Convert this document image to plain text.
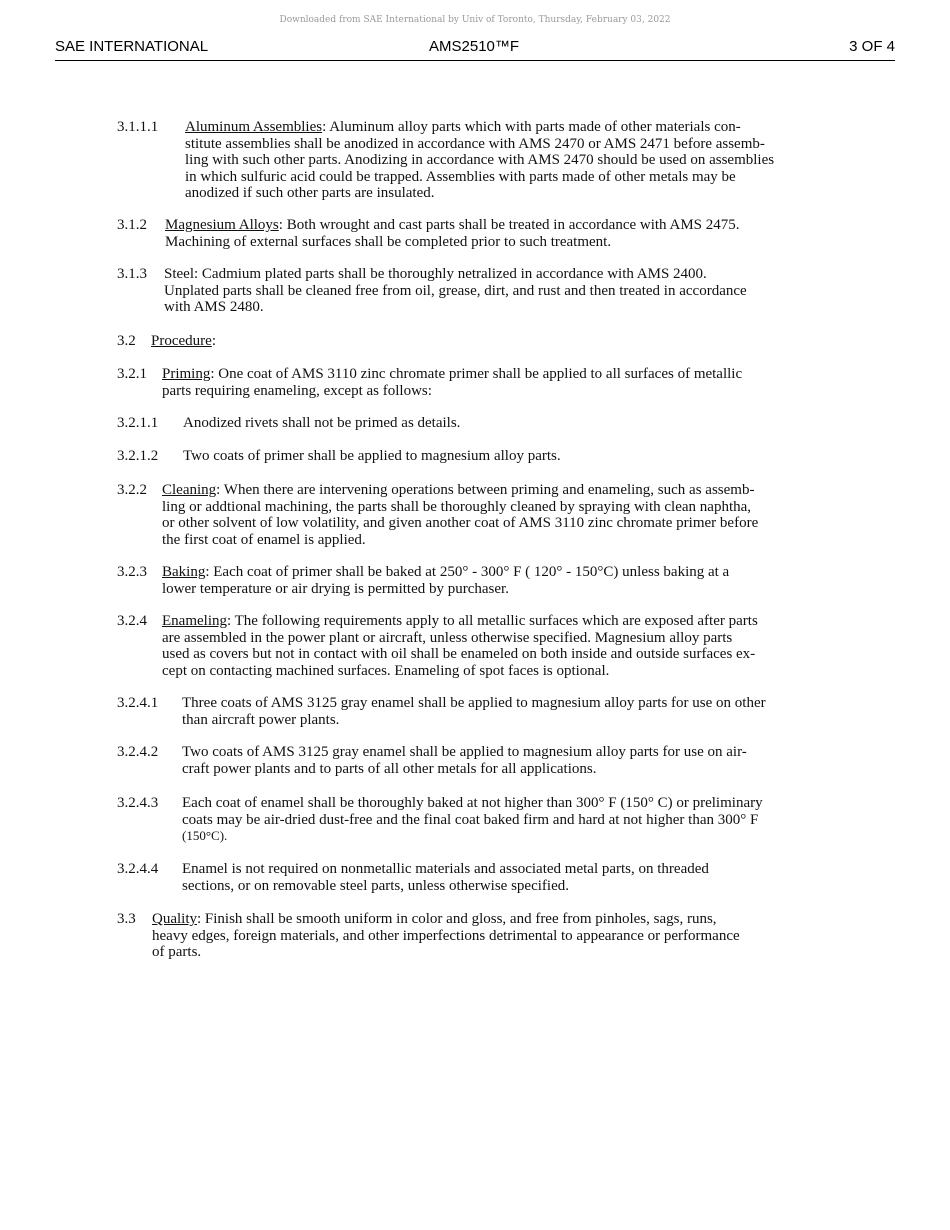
Downloaded from SAE International by Univ of Toronto, Thursday, February 03, 2022
SAE INTERNATIONAL	AMS2510™F	3 OF 4
3.1.1.1 Aluminum Assemblies: Aluminum alloy parts which with parts made of other materials con-
stitute assemblies shall be anodized in accordance with AMS 2470 or AMS 2471 before assemb-
ling with such other parts. Anodizing in accordance with AMS 2470 should be used on assemblies
in which sulfuric acid could be trapped. Assemblies with parts made of other metals may be
anodized if such other parts are insulated.
3.1.2 Magnesium Alloys: Both wrought and cast parts shall be treated in accordance with AMS 2475.
Machining of external surfaces shall be completed prior to such treatment.
3.1.3 Steel: Cadmium plated parts shall be thoroughly netralized in accordance with AMS 2400.
Unplated parts shall be cleaned free from oil, grease, dirt, and rust and then treated in accordance
with AMS 2480.
3.2 Procedure:
3.2.1 Priming: One coat of AMS 3110 zinc chromate primer shall be applied to all surfaces of metallic
parts requiring enameling, except as follows:
3.2.1.1 Anodized rivets shall not be primed as details.
3.2.1.2 Two coats of primer shall be applied to magnesium alloy parts.
3.2.2 Cleaning: When there are intervening operations between priming and enameling, such as assemb-
ling or addtional machining, the parts shall be thoroughly cleaned by spraying with clean naphtha,
or other solvent of low volatility, and given another coat of AMS 3110 zinc chromate primer before
the first coat of enamel is applied.
3.2.3 Baking: Each coat of primer shall be baked at 250° - 300° F ( 120° - 150°C) unless baking at a
lower temperature or air drying is permitted by purchaser.
3.2.4 Enameling: The following requirements apply to all metallic surfaces which are exposed after parts
are assembled in the power plant or aircraft, unless otherwise specified. Magnesium alloy parts
used as covers but not in contact with oil shall be enameled on both inside and outside surfaces ex-
cept on contacting machined surfaces. Enameling of spot faces is optional.
3.2.4.1 Three coats of AMS 3125 gray enamel shall be applied to magnesium alloy parts for use on other
than aircraft power plants.
3.2.4.2 Two coats of AMS 3125 gray enamel shall be applied to magnesium alloy parts for use on air-
craft power plants and to parts of all other metals for all applications.
3.2.4.3 Each coat of enamel shall be thoroughly baked at not higher than 300° F (150° C) or preliminary
coats may be air-dried dust-free and the final coat baked firm and hard at not higher than 300° F
(150°C).
3.2.4.4 Enamel is not required on nonmetallic materials and associated metal parts, on threaded
sections, or on removable steel parts, unless otherwise specified.
3.3 Quality: Finish shall be smooth uniform in color and gloss, and free from pinholes, sags, runs,
heavy edges, foreign materials, and other imperfections detrimental to appearance or performance
of parts.
